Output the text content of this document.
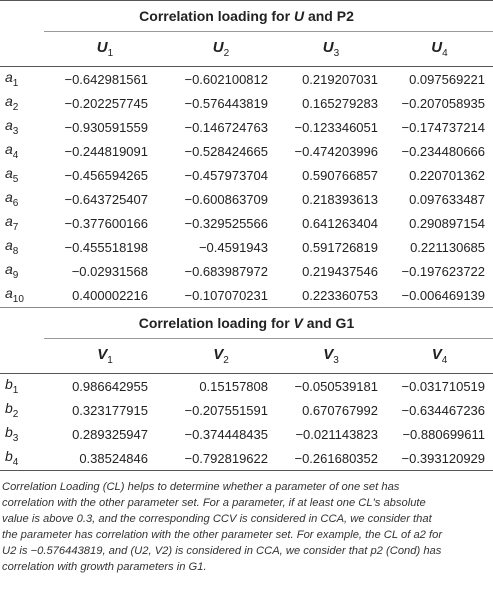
Correlation loading for U and P2				

	$U_1$	$U_2$	$U_3$	$U_4$
$a_1$	−0.642981561	−0.602100812	0.219207031	0.097569221
$a_2$	−0.202257745	−0.576443819	0.165279283	−0.207058935
$a_3$	−0.930591559	−0.146724763	−0.123346051	−0.174737214
$a_4$	−0.244819091	−0.528424665	−0.474203996	−0.234480666
$a_5$	−0.456594265	−0.457973704	0.590766857	0.220701362
$a_6$	−0.643725407	−0.600863709	0.218393613	0.097633487
$a_7$	−0.377600166	−0.329525566	0.641263404	0.290897154
$a_8$	−0.455518198	−0.4591943	0.591726819	0.221130685
$a_9$	−0.02931568	−0.683987972	0.219437546	−0.197623722
$a_{10}$	0.400002216	−0.107070231	0.223360753	−0.006469139
Correlation loading for V and G1				

	$V_1$	$V_2$	$V_3$	$V_4$
$b_1$	0.986642955	0.15157808	−0.050539181	−0.031710519
$b_2$	0.323177915	−0.207551591	0.670767992	−0.634467236
$b_3$	0.289325947	−0.374448435	−0.021143823	−0.880699611
$b_4$	0.38524846	−0.792819622	−0.261680352	−0.393120929
Correlation Loading (CL) helps to determine whether a parameter of one set has
correlation with the other parameter set. For a parameter, if at least one CL's absolute
value is above 0.3, and the corresponding CCV is considered in CCA, we consider that
the parameter has correlation with the other parameter set. For example, the CL of a2 for
U2 is −0.576443819, and (U2, V2) is considered in CCA, we consider that p2 (Cond) has
correlation with growth parameters in G1.
